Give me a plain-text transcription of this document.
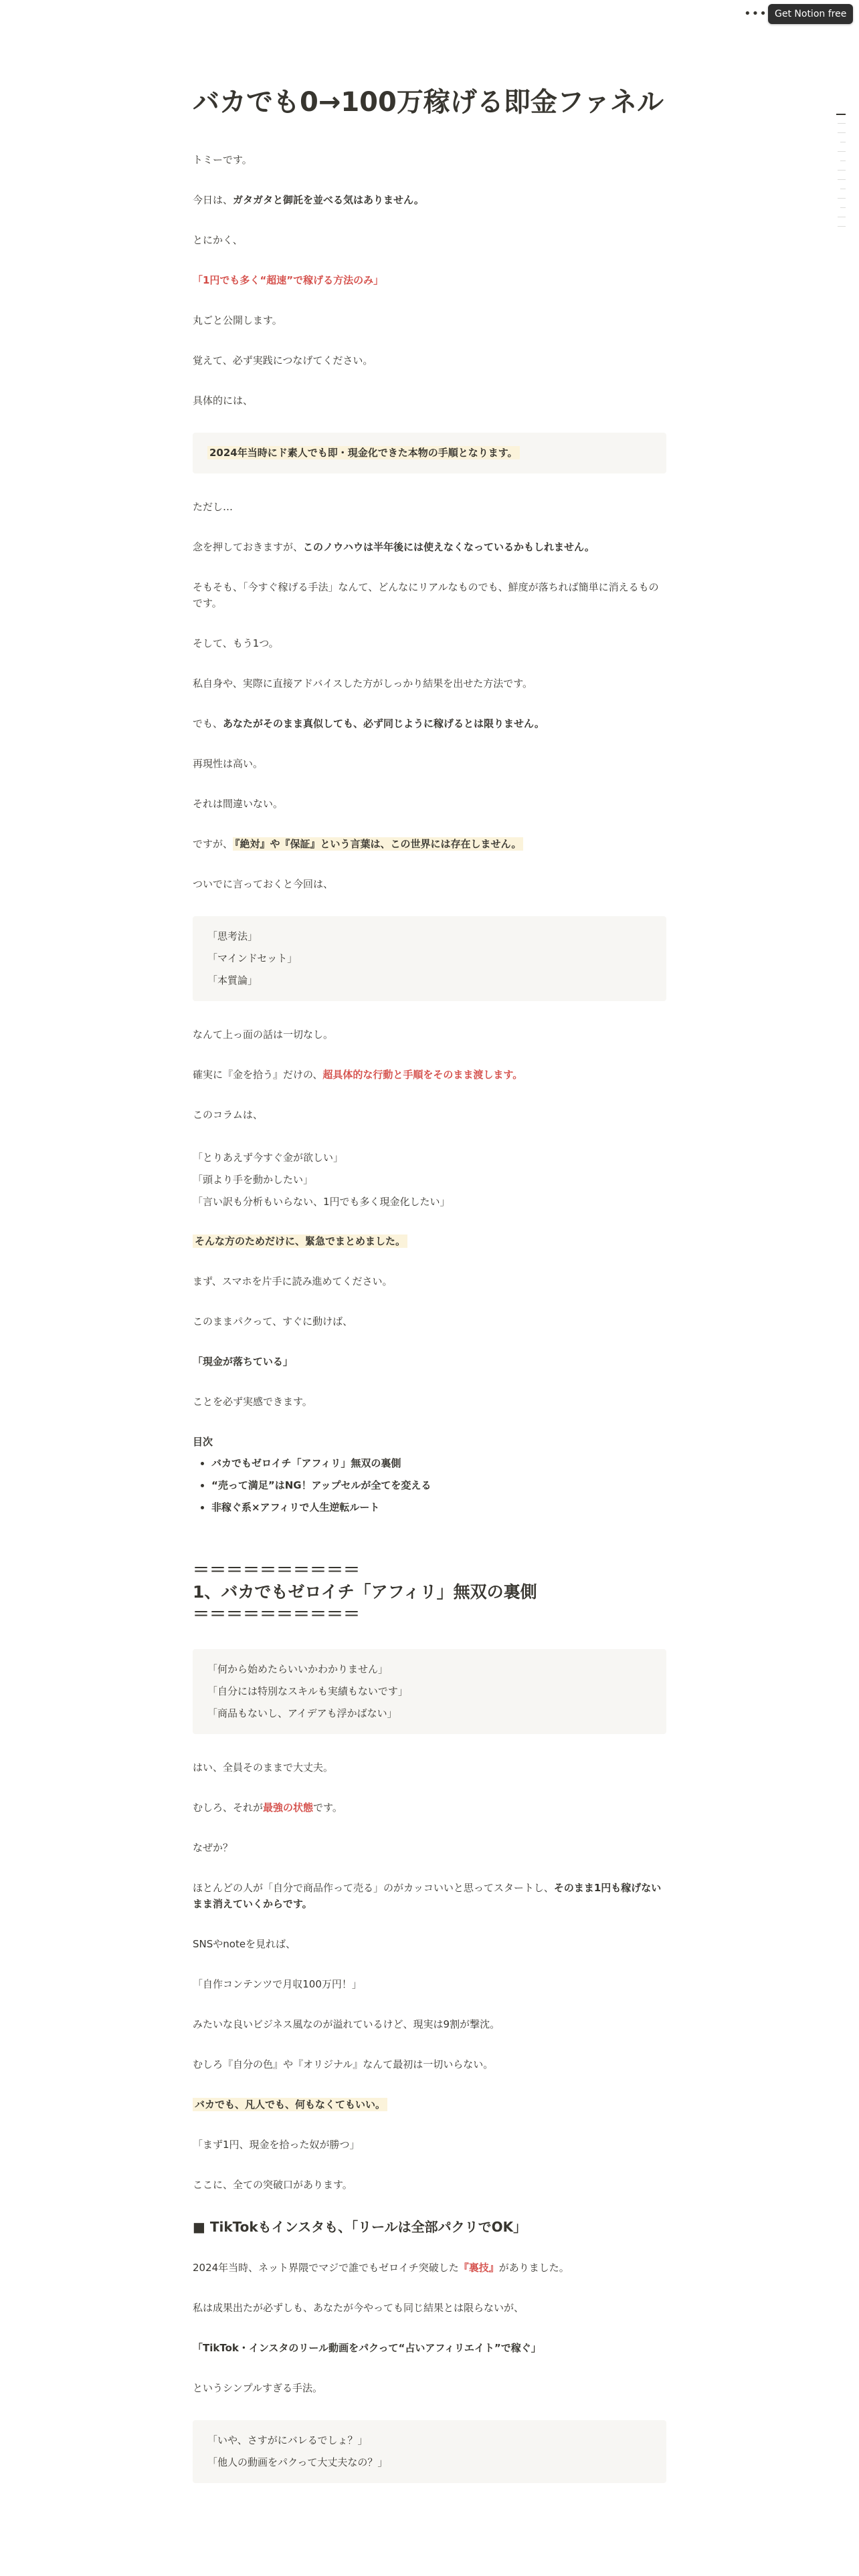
••• Get Notion free
バカでも0→100万稼げる即金ファネル

トミーです。

今日は、ガタガタと御託を並べる気はありません。

とにかく、

「1円でも多く“超速”で稼げる方法のみ」

丸ごと公開します。

覚えて、必ず実践につなげてください。

具体的には、

2024年当時にド素人でも即・現金化できた本物の手順となります。

ただし…

念を押しておきますが、このノウハウは半年後には使えなくなっているかもしれません。

そもそも、「今すぐ稼げる手法」なんて、どんなにリアルなものでも、鮮度が落ちれば簡単に消えるものです。

そして、もう1つ。

私自身や、実際に直接アドバイスした方がしっかり結果を出せた方法です。

でも、あなたがそのまま真似しても、必ず同じように稼げるとは限りません。

再現性は高い。

それは間違いない。

ですが、 『絶対』や『保証』という言葉は、この世界には存在しません。

ついでに言っておくと今回は、

「思考法」
「マインドセット」
「本質論」

なんて上っ面の話は一切なし。

確実に『金を拾う』だけの、超具体的な行動と手順をそのまま渡します。

このコラムは、

「とりあえず今すぐ金が欲しい」
「頭より手を動かしたい」
「言い訳も分析もいらない、1円でも多く現金化したい」

そんな方のためだけに、緊急でまとめました。

まず、スマホを片手に読み進めてください。

このままパクって、すぐに動けば、

「現金が落ちている」

ことを必ず実感できます。

目次
• バカでもゼロイチ「アフィリ」無双の裏側
• “売って満足”はNG！アップセルが全てを変える
• 非稼ぐ系×アフィリで人生逆転ルート
＝＝＝＝＝＝＝＝＝＝
1、バカでもゼロイチ「アフィリ」無双の裏側
＝＝＝＝＝＝＝＝＝＝
「何から始めたらいいかわかりません」
「自分には特別なスキルも実績もないです」
「商品もないし、アイデアも浮かばない」

はい、全員そのままで大丈夫。

むしろ、それが最強の状態です。

なぜか？

ほとんどの人が「自分で商品作って売る」のがカッコいいと思ってスタートし、そのまま1円も稼げないまま消えていくからです。

SNSやnoteを見れば、

「自作コンテンツで月収100万円！」

みたいな良いビジネス風なのが溢れているけど、現実は9割が撃沈。

むしろ『自分の色』や『オリジナル』なんて最初は一切いらない。

バカでも、凡人でも、何もなくてもいい。

「まず1円、現金を拾った奴が勝つ」

ここに、全ての突破口があります。

■ TikTokもインスタも、「リールは全部パクリでOK」

2024年当時、ネット界隈でマジで誰でもゼロイチ突破した『裏技』がありました。

私は成果出たが必ずしも、あなたが今やっても同じ結果とは限らないが、

「TikTok・インスタのリール動画をパクって“占いアフィリエイト”で稼ぐ」

というシンプルすぎる手法。

「いや、さすがにバレるでしょ？」
「他人の動画をパクって大丈夫なの？」
